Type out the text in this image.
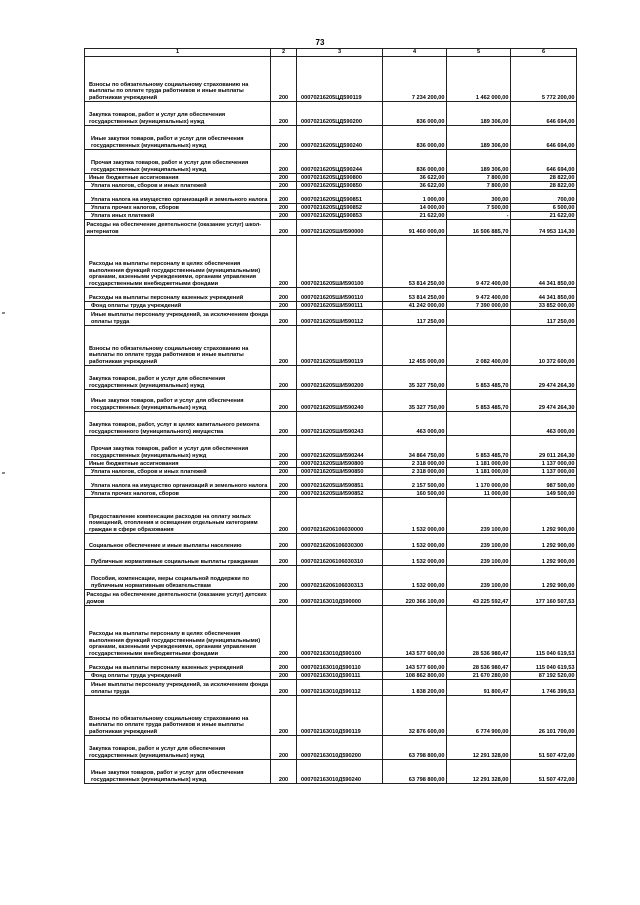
73
1	2	3	4	5	6
Взносы по обязательному социальному страхованию на выплаты по оплате труда работников и иные выплаты работникам учреждений	200	00070216205ЦД590119	7 234 200,00	1 462 000,00	5 772 200,00
Закупка товаров, работ и услуг для обеспечения государственных (муниципальных) нужд	200	00070216205ЦД590200	836 000,00	189 306,00	646 694,00
Иные закупки товаров, работ и услуг для обеспечения государственных (муниципальных) нужд	200	00070216205ЦД590240	836 000,00	189 306,00	646 694,00
Прочая закупка товаров, работ и услуг для обеспечения государственных (муниципальных) нужд	200	00070216205ЦД590244	836 000,00	189 306,00	646 694,00
Иные бюджетные ассигнования	200	00070216205ЦД590800	36 622,00	7 800,00	28 822,00
Уплата налогов, сборов и иных платежей	200	00070216205ЦД590850	36 622,00	7 800,00	28 822,00
Уплата налога на имущество организаций и земельного налога	200	00070216205ЦД590851	1 000,00	300,00	700,00
Уплата прочих налогов, сборов	200	00070216205ЦД590852	14 000,00	7 500,00	6 500,00
Уплата иных платежей	200	00070216205ЦД590853	21 622,00	-	21 622,00
Расходы на обеспечение деятельности (оказание услуг) школ-интернатов	200	00070216205ШИ590000	91 460 000,00	16 506 885,70	74 953 114,30
Расходы на выплаты персоналу в целях обеспечения выполнения функций государственными (муниципальными) органами, казенными учреждениями, органами управления государственными внебюджетными фондами	200	00070216205ШИ590100	53 814 250,00	9 472 400,00	44 341 850,00
Расходы на выплаты персоналу казенных учреждений	200	00070216205ШИ590110	53 814 250,00	9 472 400,00	44 341 850,00
Фонд оплаты труда учреждений	200	00070216205ШИ590111	41 242 000,00	7 390 000,00	33 852 000,00
Иные выплаты персоналу учреждений, за исключением фонда оплаты труда	200	00070216205ШИ590112	117 250,00		117 250,00
Взносы по обязательному социальному страхованию на выплаты по оплате труда работников и иные выплаты работникам учреждений	200	00070216205ШИ590119	12 455 000,00	2 082 400,00	10 372 600,00
Закупка товаров, работ и услуг для обеспечения государственных (муниципальных) нужд	200	00070216205ШИ590200	35 327 750,00	5 853 485,70	29 474 264,30
Иные закупки товаров, работ и услуг для обеспечения государственных (муниципальных) нужд	200	00070216205ШИ590240	35 327 750,00	5 853 485,70	29 474 264,30
Закупка товаров, работ, услуг в целях капитального ремонта государственного (муниципального) имущества	200	00070216205ШИ590243	463 000,00		463 000,00
Прочая закупка товаров, работ и услуг для обеспечения государственных (муниципальных) нужд	200	00070216205ШИ590244	34 864 750,00	5 853 485,70	29 011 264,30
Иные бюджетные ассигнования	200	00070216205ШИ590800	2 318 000,00	1 181 000,00	1 137 000,00
Уплата налогов, сборов и иных платежей	200	00070216205ШИ590850	2 318 000,00	1 181 000,00	1 137 000,00
Уплата налога на имущество организаций и земельного налога	200	00070216205ШИ590851	2 157 500,00	1 170 000,00	987 500,00
Уплата прочих налогов, сборов	200	00070216205ШИ590852	160 500,00	11 000,00	149 500,00
Предоставление компенсации расходов на оплату жилых помещений, отопления и освещения отдельным категориям граждан в сфере образования	200	00070216206106030000	1 532 000,00	239 100,00	1 292 900,00
Социальное обеспечение и иные выплаты населению	200	00070216206106030300	1 532 000,00	239 100,00	1 292 900,00
Публичные нормативные социальные выплаты гражданам	200	00070216206106030310	1 532 000,00	239 100,00	1 292 900,00
Пособия, компенсации, меры социальной поддержки по публичным нормативным обязательствам	200	00070216206106030313	1 532 000,00	239 100,00	1 292 900,00
Расходы на обеспечение деятельности (оказание услуг) детских домов	200	000702163010Д590000	220 366 100,00	43 225 592,47	177 160 507,53
Расходы на выплаты персоналу в целях обеспечения выполнения функций государственными (муниципальными) органами, казенными учреждениями, органами управления государственными внебюджетными фондами	200	000702163010Д590100	143 577 600,00	28 536 980,47	115 040 619,53
Расходы на выплаты персоналу казенных учреждений	200	000702163010Д590110	143 577 600,00	28 536 980,47	115 040 619,53
Фонд оплаты труда учреждений	200	000702163010Д590111	108 862 800,00	21 670 280,00	87 192 520,00
Иные выплаты персоналу учреждений, за исключением фонда оплаты труда	200	000702163010Д590112	1 838 200,00	91 800,47	1 746 399,53
Взносы по обязательному социальному страхованию на выплаты по оплате труда работников и иные выплаты работникам учреждений	200	000702163010Д590119	32 876 600,00	6 774 900,00	26 101 700,00
Закупка товаров, работ и услуг для обеспечения государственных (муниципальных) нужд	200	000702163010Д590200	63 798 800,00	12 291 328,00	51 507 472,00
Иные закупки товаров, работ и услуг для обеспечения государственных (муниципальных) нужд	200	000702163010Д590240	63 798 800,00	12 291 328,00	51 507 472,00
